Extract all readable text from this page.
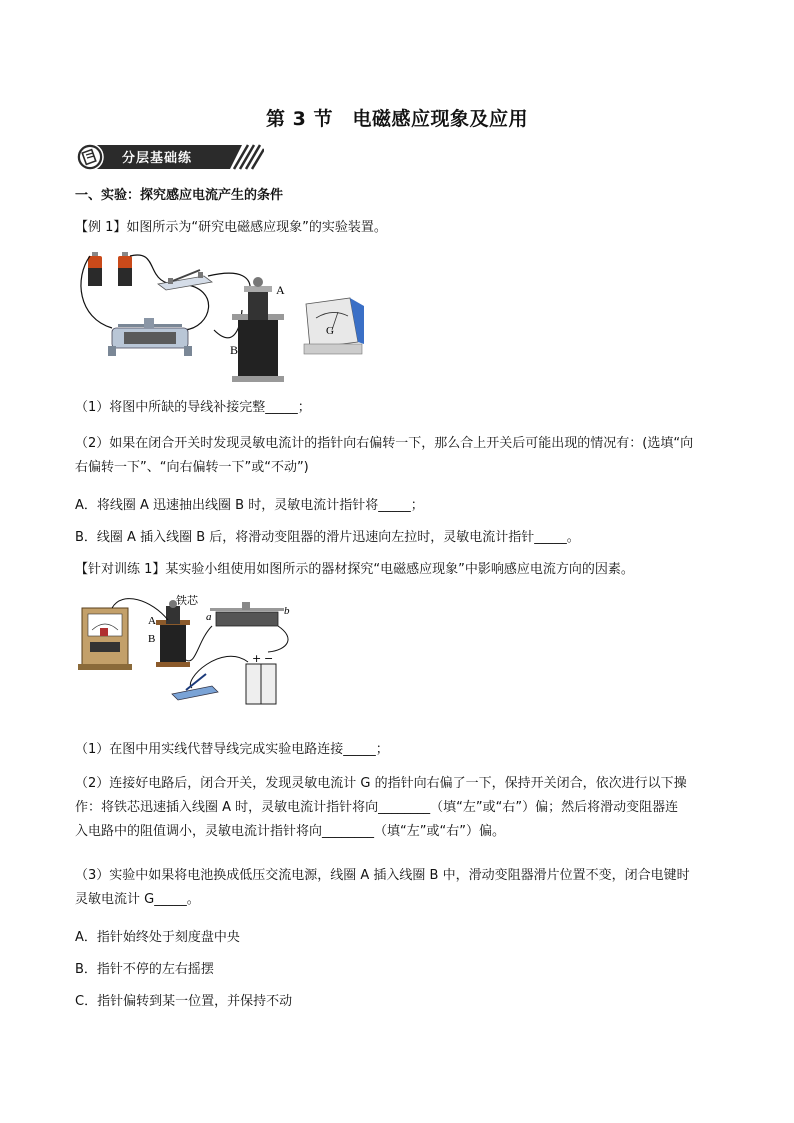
第 3 节　电磁感应现象及应用
分层基础练
一、实验：探究感应电流产生的条件
【例 1】如图所示为“研究电磁感应现象”的实验装置。
A
B
G
（1）将图中所缺的导线补接完整_____；
（2）如果在闭合开关时发现灵敏电流计的指针向右偏转一下，那么合上开关后可能出现的情况有：(选填“向
右偏转一下”、“向右偏转一下”或“不动”)
A．将线圈 A 迅速抽出线圈 B 时，灵敏电流计指针将_____；
B．线圈 A 插入线圈 B 后，将滑动变阻器的滑片迅速向左拉时，灵敏电流计指针_____。
【针对训练 1】某实验小组使用如图所示的器材探究“电磁感应现象”中影响感应电流方向的因素。
铁芯
A
B
a	b
+ −
（1）在图中用实线代替导线完成实验电路连接_____；
（2）连接好电路后，闭合开关，发现灵敏电流计 G 的指针向右偏了一下，保持开关闭合，依次进行以下操
作：将铁芯迅速插入线圈 A 时，灵敏电流计指针将向________（填“左”或“右”）偏；然后将滑动变阻器连
入电路中的阻值调小，灵敏电流计指针将向________（填“左”或“右”）偏。
（3）实验中如果将电池换成低压交流电源，线圈 A 插入线圈 B 中，滑动变阻器滑片位置不变，闭合电键时
灵敏电流计 G_____。
A．指针始终处于刻度盘中央
B．指针不停的左右摇摆
C．指针偏转到某一位置，并保持不动
